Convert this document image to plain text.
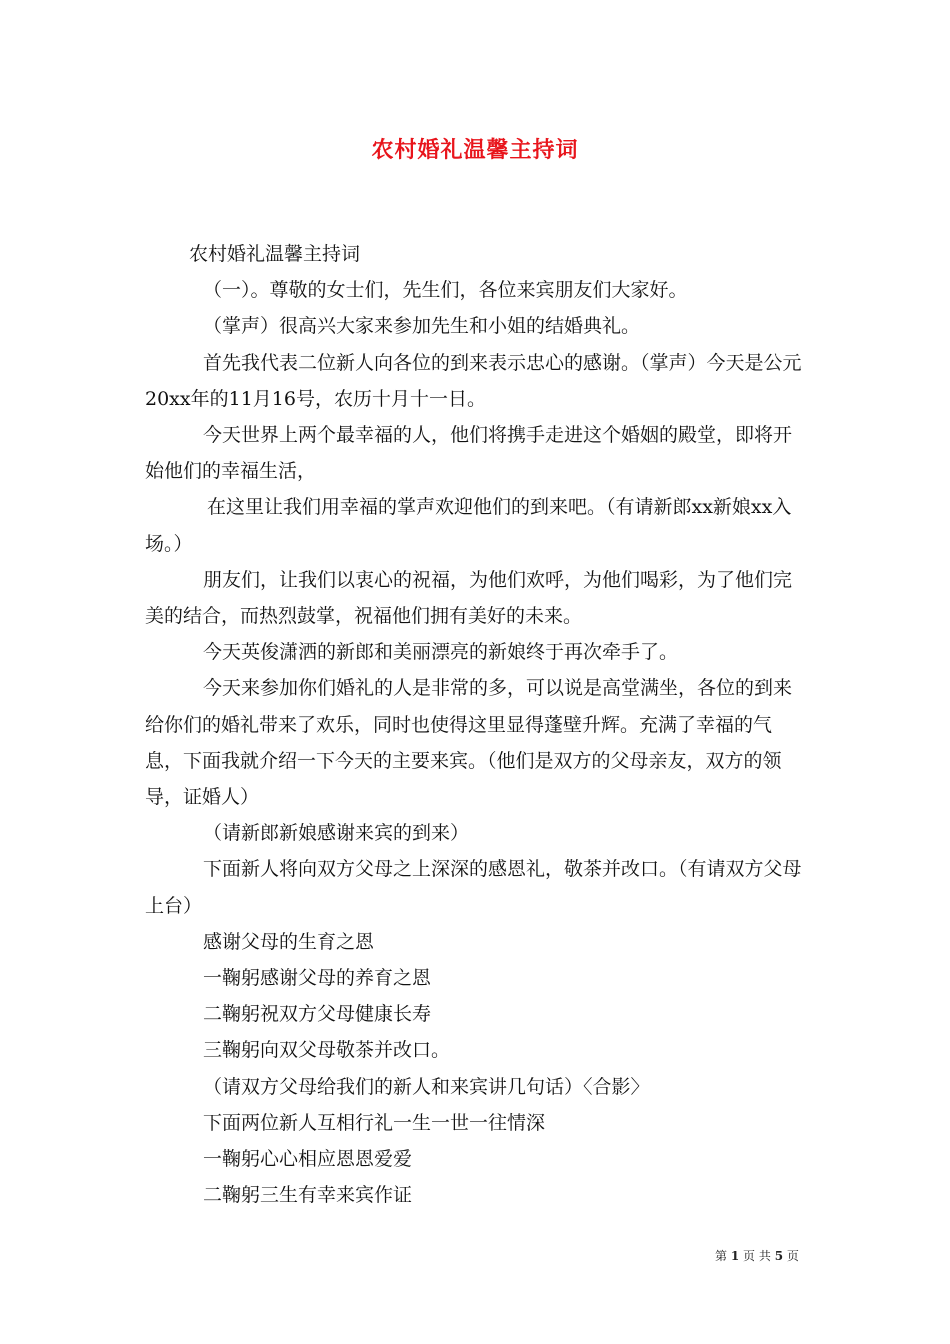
农村婚礼温馨主持词

农村婚礼温馨主持词

（一）。尊敬的女士们，先生们，各位来宾朋友们大家好。

（掌声）很高兴大家来参加先生和小姐的结婚典礼。

首先我代表二位新人向各位的到来表示忠心的感谢。（掌声）今天是公元20xx年的11月16号，农历十月十一日。

今天世界上两个最幸福的人，他们将携手走进这个婚姻的殿堂，即将开始他们的幸福生活，

在这里让我们用幸福的掌声欢迎他们的到来吧。（有请新郎xx新娘xx入场。）

朋友们，让我们以衷心的祝福，为他们欢呼，为他们喝彩，为了他们完美的结合，而热烈鼓掌，祝福他们拥有美好的未来。

今天英俊潇洒的新郎和美丽漂亮的新娘终于再次牵手了。

今天来参加你们婚礼的人是非常的多，可以说是高堂满坐，各位的到来给你们的婚礼带来了欢乐，同时也使得这里显得蓬壁升辉。充满了幸福的气息，下面我就介绍一下今天的主要来宾。（他们是双方的父母亲友，双方的领导，证婚人）

（请新郎新娘感谢来宾的到来）

下面新人将向双方父母之上深深的感恩礼，敬茶并改口。（有请双方父母上台）

感谢父母的生育之恩

一鞠躬感谢父母的养育之恩

二鞠躬祝双方父母健康长寿

三鞠躬向双父母敬茶并改口。

（请双方父母给我们的新人和来宾讲几句话）〈合影〉

下面两位新人互相行礼一生一世一往情深

一鞠躬心心相应恩恩爱爱

二鞠躬三生有幸来宾作证

第 1 页 共 5 页
